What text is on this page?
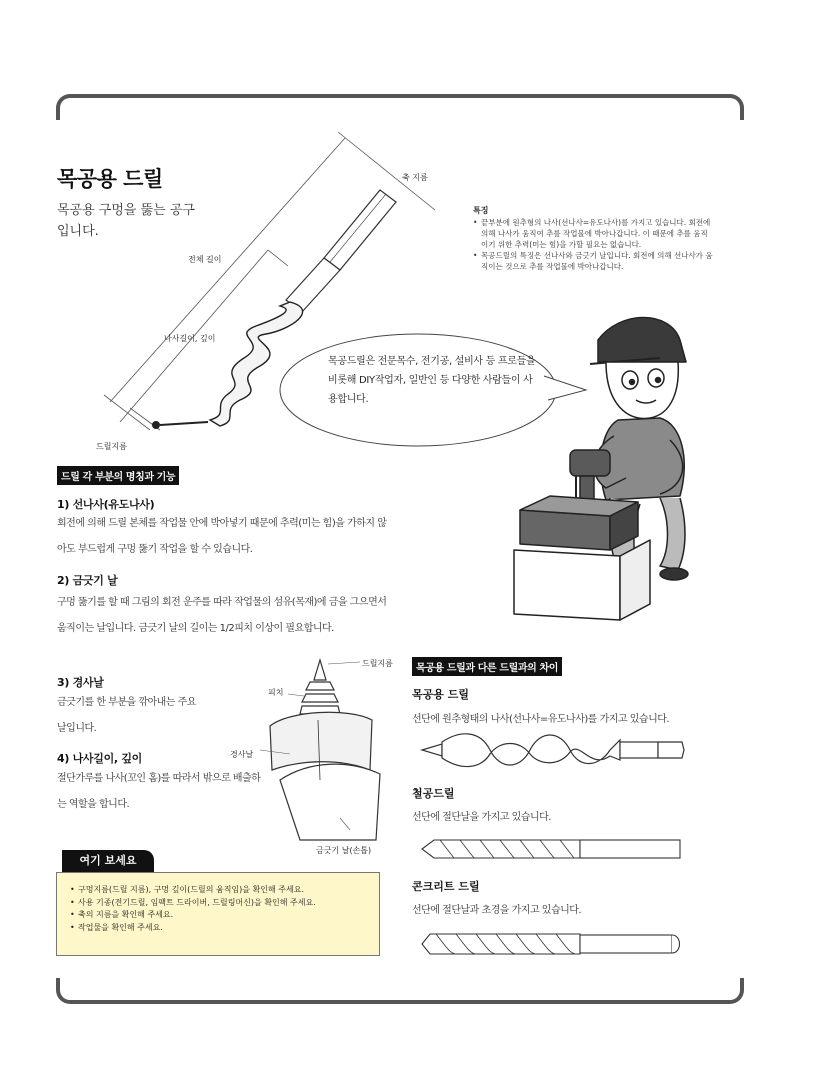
목공용 드릴
목공용 구멍을 뚫는 공구입니다.
축 지름
전체 길이
나사길이, 깊이
드릴지름
특징
• 끝부분에 원추형의 나사(선나사=유도나사)를 가지고 있습니다. 회전에 의해 나사가 움직여 추를 작업물에 박아나갑니다. 이 때문에 추를 움직이기 위한 추력(미는 힘)을 가할 필요는 없습니다.
• 목공드릴의 특징은 선나사와 금긋기 날입니다. 회전에 의해 선나사가 움직이는 것으로 추를 작업물에 박아나갑니다.
목공드릴은 전문목수, 전기공, 설비사 등 프로들을 비롯해 DIY작업자, 일반인 등 다양한 사람들이 사용합니다.
드릴 각 부분의 명칭과 기능
1) 선나사(유도나사)
회전에 의해 드릴 본체를 작업물 안에 박아넣기 때문에 추력(미는 힘)을 가하지 않아도 부드럽게 구멍 뚫기 작업을 할 수 있습니다.
2) 금긋기 날
구멍 뚫기를 할 때 그림의 회전 운주를 따라 작업물의 섬유(목재)에 금을 그으면서 움직이는 날입니다. 금긋기 날의 길이는 1/2피치 이상이 필요합니다.
3) 경사날
금긋기를 한 부분을 깎아내는 주요 날입니다.
4) 나사길이, 깊이
절단가루를 나사(꼬인 홈)를 따라서 밖으로 배출하는 역할을 합니다.
드릴지름
피치
경사날
금긋기 날(손톱)
목공용 드릴과 다른 드릴과의 차이
목공용 드릴
선단에 원추형태의 나사(선나사=유도나사)를 가지고 있습니다.
철공드릴
선단에 절단날을 가지고 있습니다.
콘크리트 드릴
선단에 절단날과 초경을 가지고 있습니다.
여기 보세요
• 구멍지름(드릴 지름), 구멍 깊이(드릴의 움직임)을 확인해 주세요.
• 사용 기종(전기드릴, 임팩트 드라이버, 드릴링머신)을 확인해 주세요.
• 축의 지름을 확인해 주세요.
• 작업물을 확인해 주세요.
